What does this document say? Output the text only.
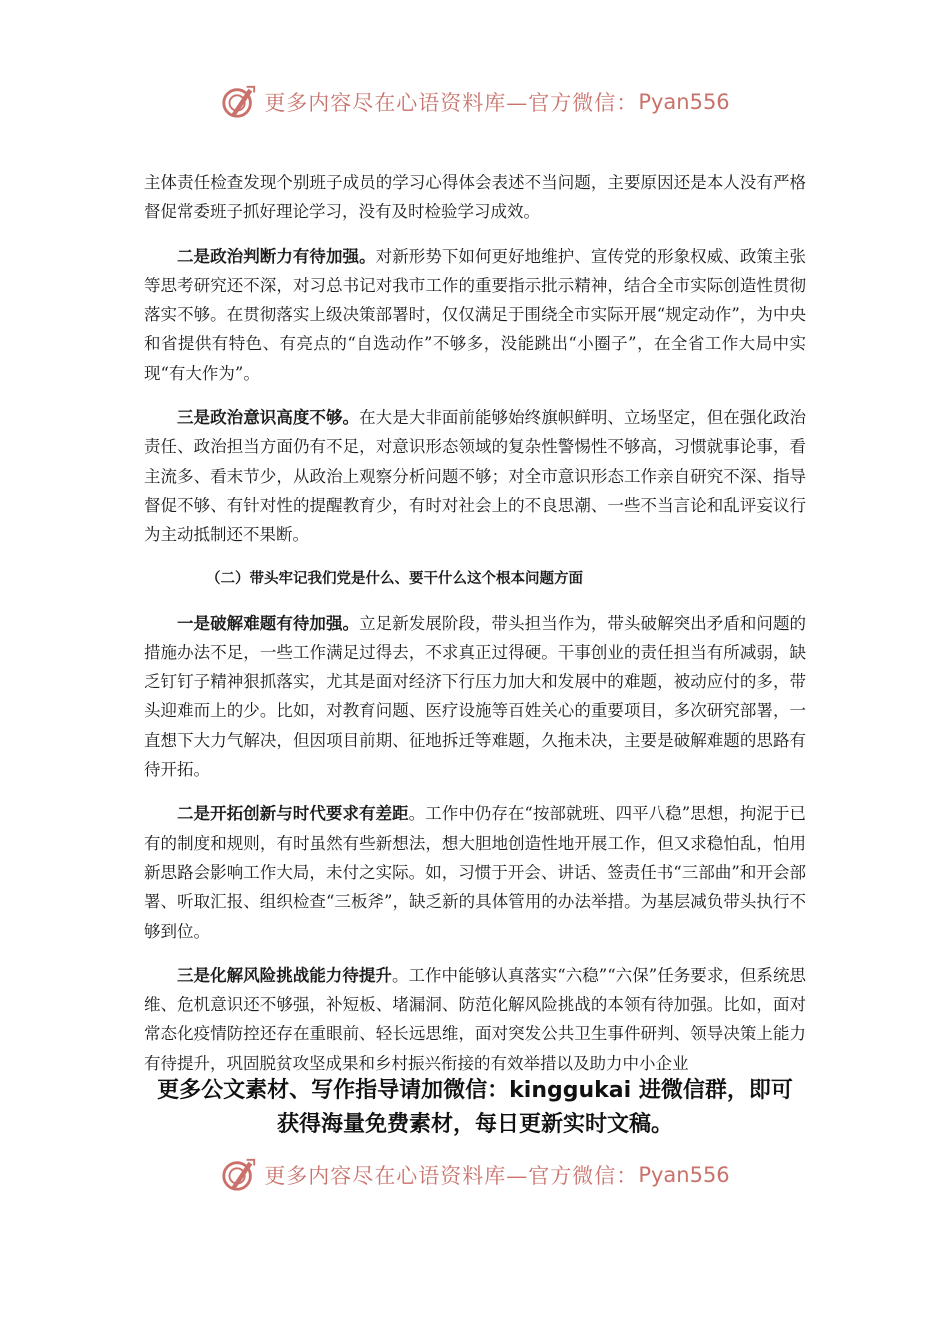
更多内容尽在心语资料库—官方微信： Pyan556

主体责任检查发现个别班子成员的学习心得体会表述不当问题，主要原因还是本人没有严格督促常委班子抓好理论学习，没有及时检验学习成效。

二是政治判断力有待加强。对新形势下如何更好地维护、宣传党的形象权威、政策主张等思考研究还不深，对习总书记对我市工作的重要指示批示精神，结合全市实际创造性贯彻落实不够。在贯彻落实上级决策部署时，仅仅满足于围绕全市实际开展“规定动作”，为中央和省提供有特色、有亮点的“自选动作”不够多，没能跳出“小圈子”，在全省工作大局中实现“有大作为”。

三是政治意识高度不够。在大是大非面前能够始终旗帜鲜明、立场坚定，但在强化政治责任、政治担当方面仍有不足，对意识形态领域的复杂性警惕性不够高，习惯就事论事，看主流多、看末节少，从政治上观察分析问题不够；对全市意识形态工作亲自研究不深、指导督促不够、有针对性的提醒教育少，有时对社会上的不良思潮、一些不当言论和乱评妄议行为主动抵制还不果断。

（二）带头牢记我们党是什么、要干什么这个根本问题方面

一是破解难题有待加强。立足新发展阶段，带头担当作为，带头破解突出矛盾和问题的措施办法不足，一些工作满足过得去，不求真正过得硬。干事创业的责任担当有所减弱，缺乏钉钉子精神狠抓落实，尤其是面对经济下行压力加大和发展中的难题，被动应付的多，带头迎难而上的少。比如，对教育问题、医疗设施等百姓关心的重要项目，多次研究部署，一直想下大力气解决，但因项目前期、征地拆迁等难题，久拖未决，主要是破解难题的思路有待开拓。

二是开拓创新与时代要求有差距。工作中仍存在“按部就班、四平八稳”思想，拘泥于已有的制度和规则，有时虽然有些新想法，想大胆地创造性地开展工作，但又求稳怕乱，怕用新思路会影响工作大局，未付之实际。如，习惯于开会、讲话、签责任书“三部曲”和开会部署、听取汇报、组织检查“三板斧”，缺乏新的具体管用的办法举措。为基层减负带头执行不够到位。

三是化解风险挑战能力待提升。工作中能够认真落实“六稳”“六保”任务要求，但系统思维、危机意识还不够强，补短板、堵漏洞、防范化解风险挑战的本领有待加强。比如，面对常态化疫情防控还存在重眼前、轻长远思维，面对突发公共卫生事件研判、领导决策上能力有待提升，巩固脱贫攻坚成果和乡村振兴衔接的有效举措以及助力中小企业

更多公文素材、写作指导请加微信：kinggukai 进微信群，即可
获得海量免费素材，每日更新实时文稿。
更多内容尽在心语资料库—官方微信： Pyan556
